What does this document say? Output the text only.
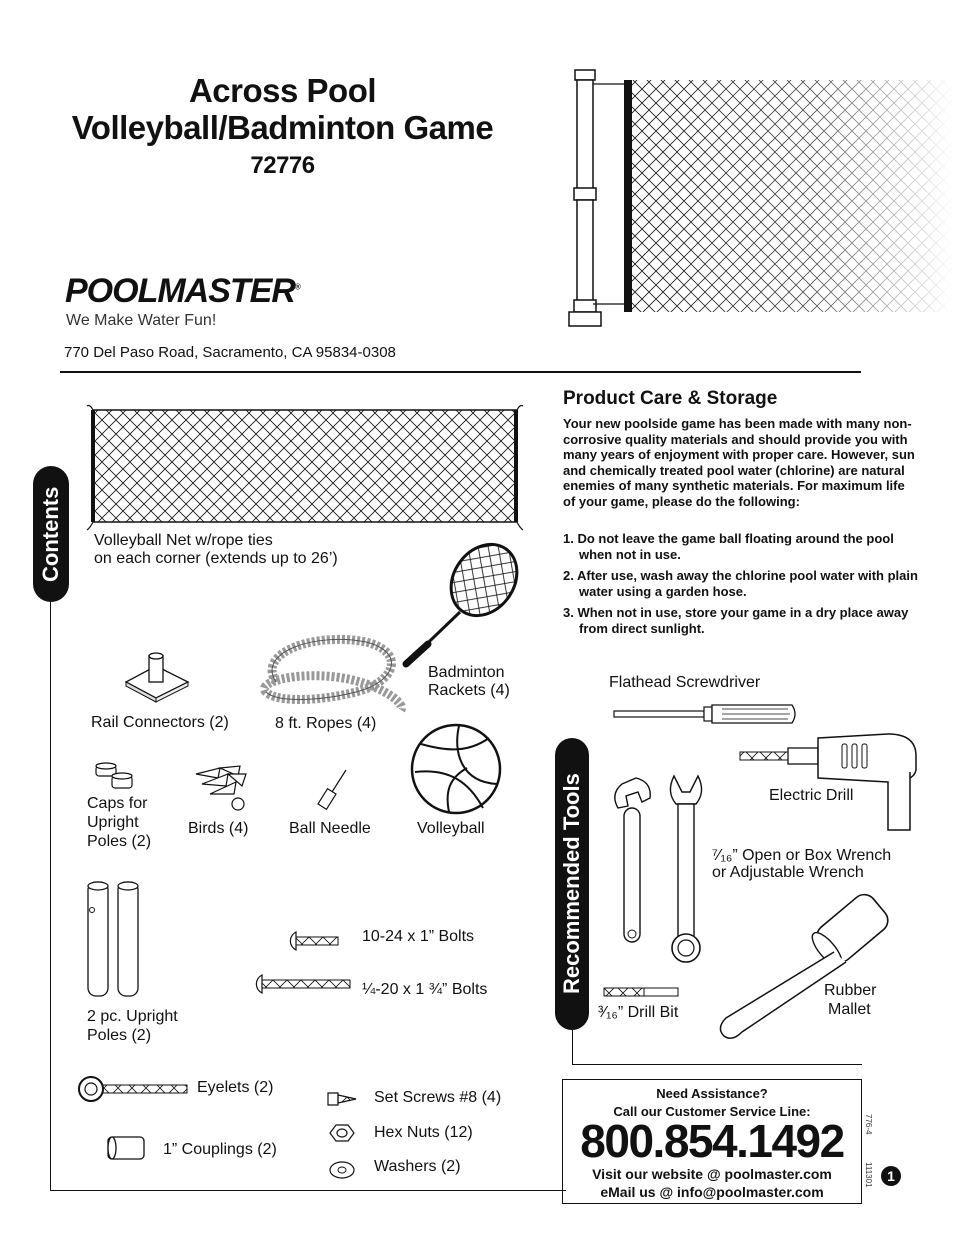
Across Pool
Volleyball/Badminton Game
72776
POOLMASTER®
We Make Water Fun!
770 Del Paso Road, Sacramento, CA 95834-0308
Contents	Volleyball Net w/rope ties
on each corner (extends up to 26’)
Badminton
Rackets (4)
Rail Connectors (2)	8 ft. Ropes (4)
Caps for
Upright
Poles (2)
Birds (4)	Ball Needle	Volleyball
2 pc. Upright
Poles (2)
10-24 x 1” Bolts
¼-20 x 1 ¾” Bolts
Eyelets (2)
1” Couplings (2)
Set Screws #8 (4)
Hex Nuts (12)
Washers (2)
Product Care & Storage
Your new poolside game has been made with many non-corrosive quality materials and should provide you with many years of enjoyment with proper care. However, sun and chemically treated pool water (chlorine) are natural enemies of many synthetic materials. For maximum life of your game, please do the following:
1. Do not leave the game ball floating around the pool when not in use.
2. After use, wash away the chlorine pool water with plain water using a garden hose.
3. When not in use, store your game in a dry place away from direct sunlight.
Recommended Tools
Flathead Screwdriver
Electric Drill
⁷⁄₁₆” Open or Box Wrench
or Adjustable Wrench
Rubber
Mallet
³⁄₁₆” Drill Bit
Need Assistance?
Call our Customer Service Line:
800.854.1492
Visit our website @ poolmaster.com
eMail us @ info@poolmaster.com
776-4
111301	1
